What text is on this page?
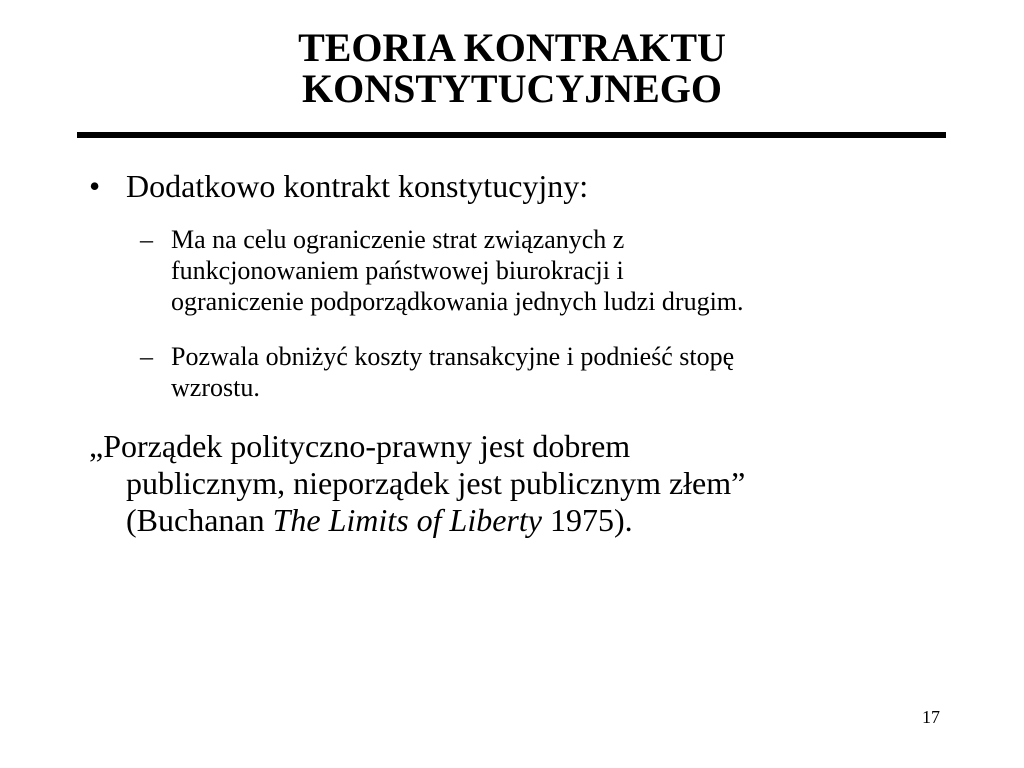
TEORIA KONTRAKTU
KONSTYTUCYJNEGO
• Dodatkowo kontrakt konstytucyjny:
– Ma na celu ograniczenie strat związanych z
funkcjonowaniem państwowej biurokracji i
ograniczenie podporządkowania jednych ludzi drugim.
– Pozwala obniżyć koszty transakcyjne i podnieść stopę
wzrostu.
„Porządek polityczno-prawny jest dobrem
publicznym, nieporządek jest publicznym złem”
(Buchanan The Limits of Liberty 1975).
17
